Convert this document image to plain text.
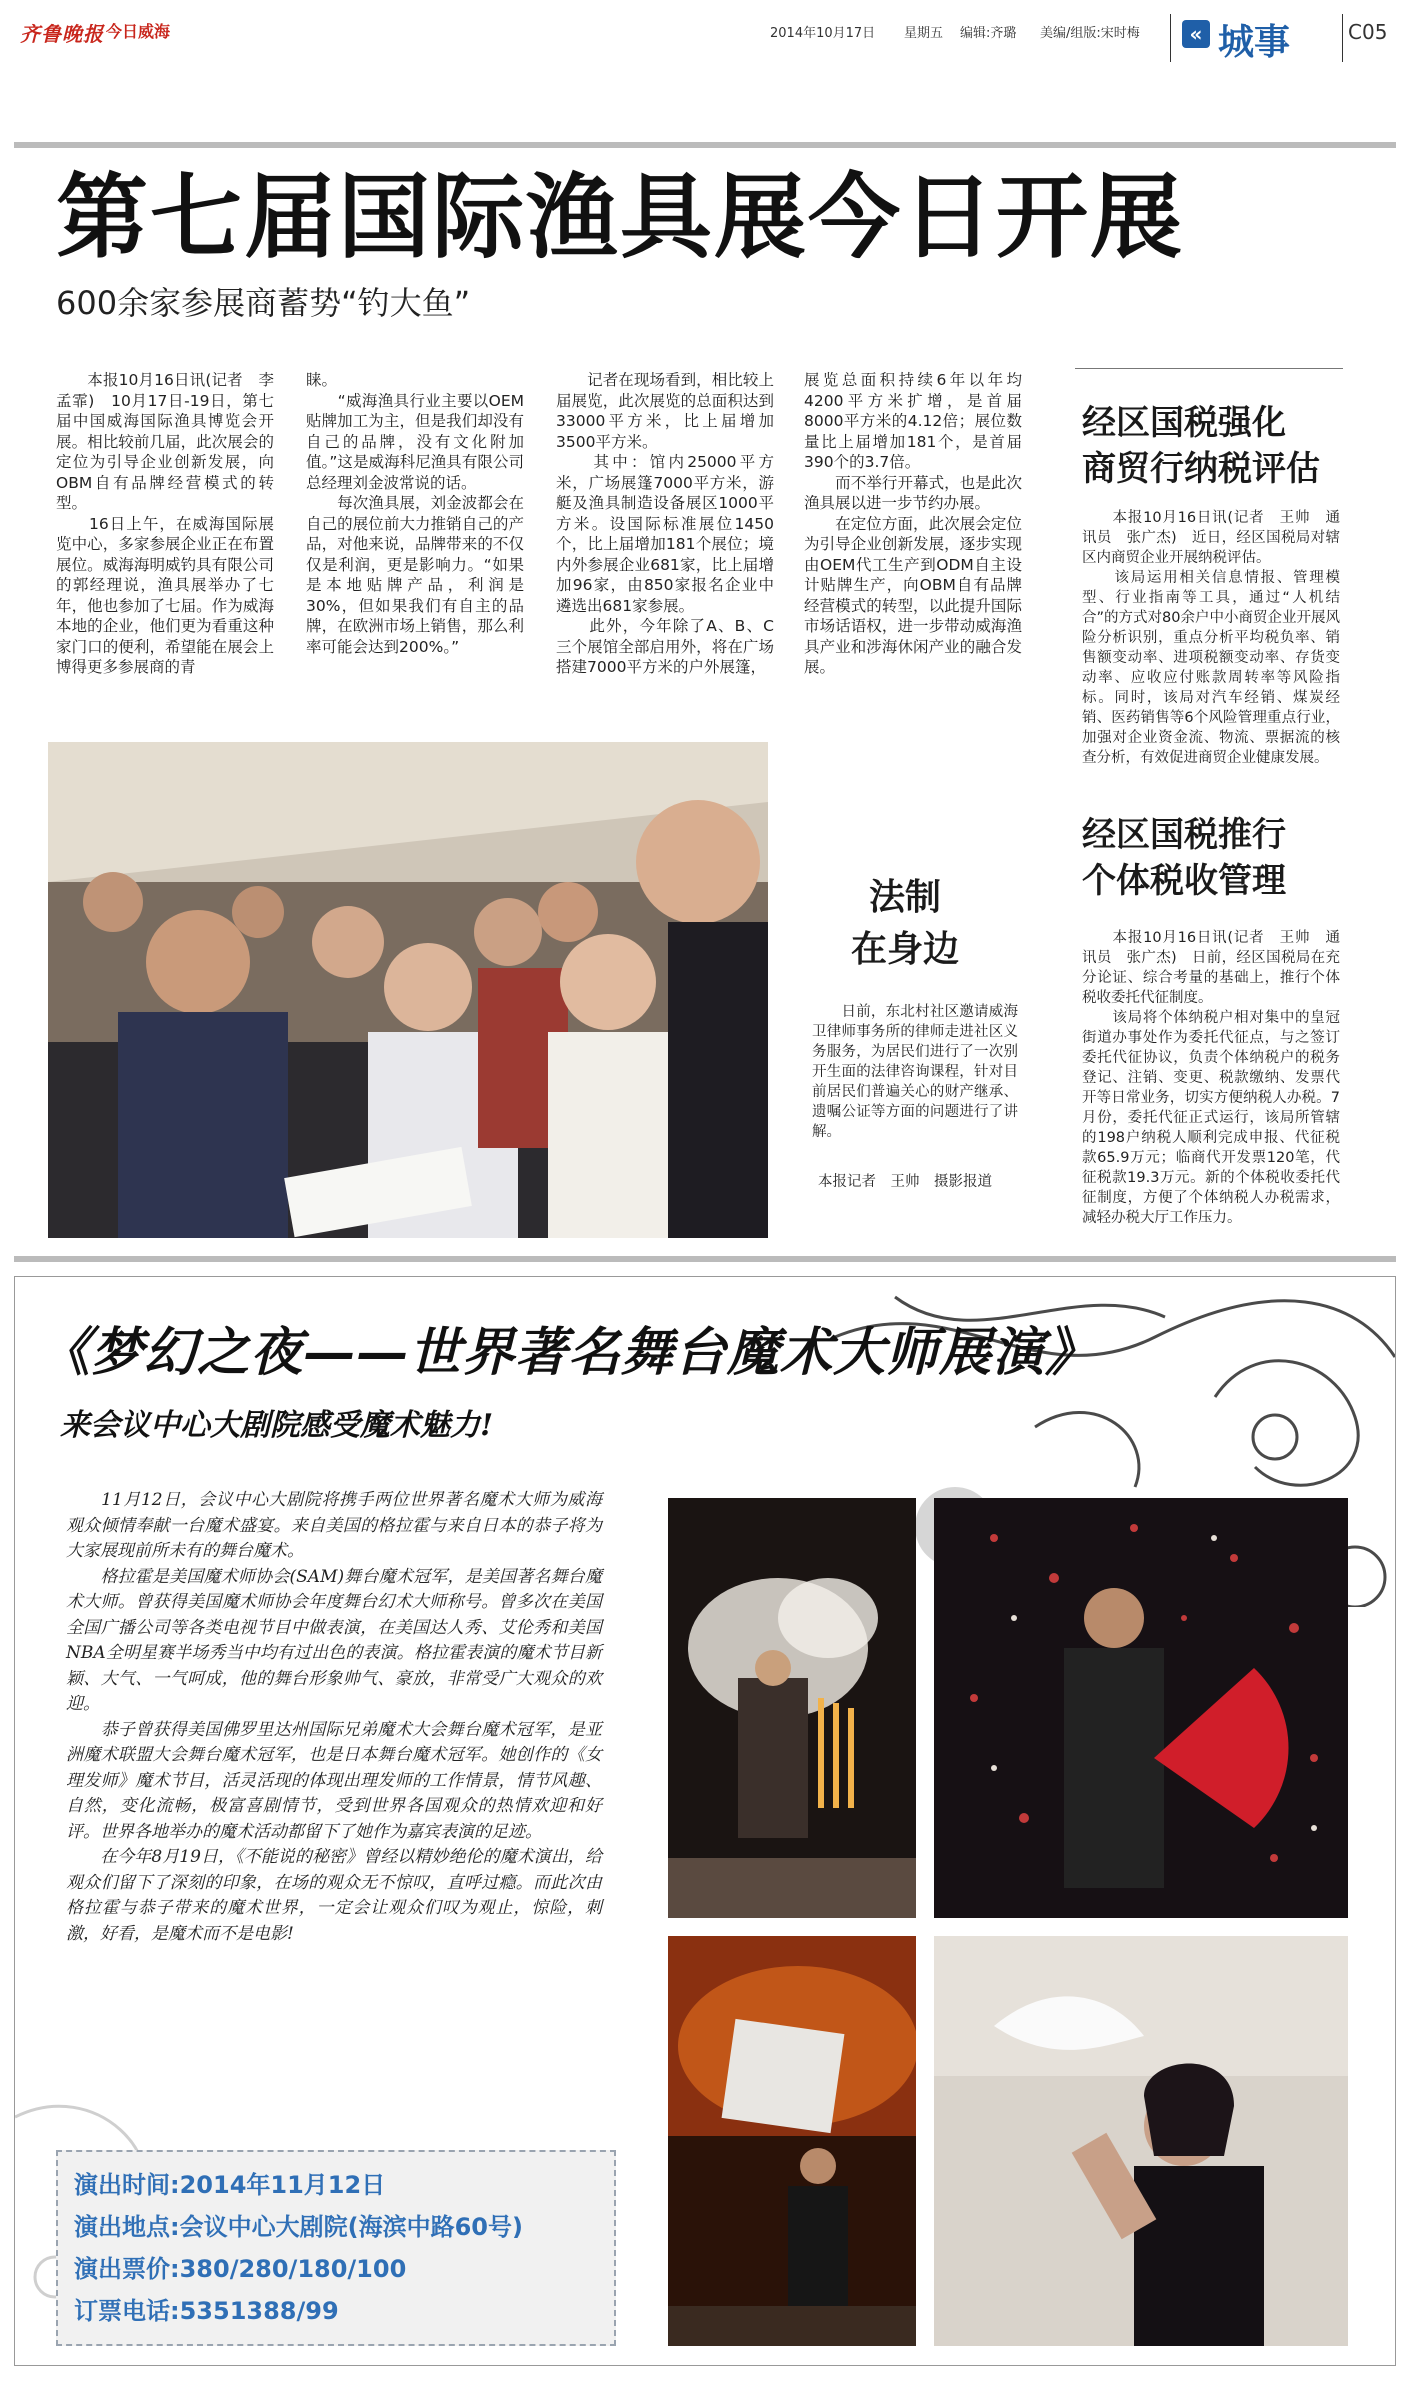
齐鲁晚报 今日威海	2014年10月17日 星期五 编辑:齐璐 美编/组版:宋时梅	« 城事	C05
第七届国际渔具展今日开展
600余家参展商蓄势“钓大鱼”
　　本报10月16日讯(记者　李孟霏)　10月17日-19日，第七届中国威海国际渔具博览会开展。相比较前几届，此次展会的定位为引导企业创新发展，向OBM自有品牌经营模式的转型。
　　16日上午，在威海国际展览中心，多家参展企业正在布置展位。威海海明威钓具有限公司的郭经理说，渔具展举办了七年，他也参加了七届。作为威海本地的企业，他们更为看重这种家门口的便利，希望能在展会上博得更多参展商的青
睐。
　　“威海渔具行业主要以OEM贴牌加工为主，但是我们却没有自己的品牌，没有文化附加值。”这是威海科尼渔具有限公司总经理刘金波常说的话。
　　每次渔具展，刘金波都会在自己的展位前大力推销自己的产品，对他来说，品牌带来的不仅仅是利润，更是影响力。“如果是本地贴牌产品，利润是30%，但如果我们有自主的品牌，在欧洲市场上销售，那么利率可能会达到200%。”
　　记者在现场看到，相比较上届展览，此次展览的总面积达到33000平方米，比上届增加3500平方米。
　　其中：馆内25000平方米，广场展篷7000平方米，游艇及渔具制造设备展区1000平方米。设国际标准展位1450个，比上届增加181个展位；境内外参展企业681家，比上届增加96家，由850家报名企业中遴选出681家参展。
　　此外，今年除了A、B、C三个展馆全部启用外，将在广场搭建7000平方米的户外展篷，
展览总面积持续6年以年均4200平方米扩增，是首届8000平方米的4.12倍；展位数量比上届增加181个，是首届390个的3.7倍。
　　而不举行开幕式，也是此次渔具展以进一步节约办展。
　　在定位方面，此次展会定位为引导企业创新发展，逐步实现由OEM代工生产到ODM自主设计贴牌生产，向OBM自有品牌经营模式的转型，以此提升国际市场话语权，进一步带动威海渔具产业和涉海休闲产业的融合发展。
经区国税强化
商贸行纳税评估
　　本报10月16日讯(记者　王帅　通讯员　张广杰)　近日，经区国税局对辖区内商贸企业开展纳税评估。
　　该局运用相关信息情报、管理模型、行业指南等工具，通过“人机结合”的方式对80余户中小商贸企业开展风险分析识别，重点分析平均税负率、销售额变动率、进项税额变动率、存货变动率、应收应付账款周转率等风险指标。同时，该局对汽车经销、煤炭经销、医药销售等6个风险管理重点行业，加强对企业资金流、物流、票据流的核查分析，有效促进商贸企业健康发展。
经区国税推行
个体税收管理
　　本报10月16日讯(记者　王帅　通讯员　张广杰)　日前，经区国税局在充分论证、综合考量的基础上，推行个体税收委托代征制度。
　　该局将个体纳税户相对集中的皇冠街道办事处作为委托代征点，与之签订委托代征协议，负责个体纳税户的税务登记、注销、变更、税款缴纳、发票代开等日常业务，切实方便纳税人办税。7月份，委托代征正式运行，该局所管辖的198户纳税人顺利完成申报、代征税款65.9万元；临商代开发票120笔，代征税款19.3万元。新的个体税收委托代征制度，方便了个体纳税人办税需求，减轻办税大厅工作压力。
法制
在身边
　　日前，东北村社区邀请威海卫律师事务所的律师走进社区义务服务，为居民们进行了一次别开生面的法律咨询课程，针对目前居民们普遍关心的财产继承、遗嘱公证等方面的问题进行了讲解。
本报记者　王帅　摄影报道
《梦幻之夜——世界著名舞台魔术大师展演》
来会议中心大剧院感受魔术魅力!
　　11月12日，会议中心大剧院将携手两位世界著名魔术大师为威海观众倾情奉献一台魔术盛宴。来自美国的格拉霍与来自日本的恭子将为大家展现前所未有的舞台魔术。
　　格拉霍是美国魔术师协会(SAM)舞台魔术冠军，是美国著名舞台魔术大师。曾获得美国魔术师协会年度舞台幻术大师称号。曾多次在美国全国广播公司等各类电视节目中做表演，在美国达人秀、艾伦秀和美国NBA全明星赛半场秀当中均有过出色的表演。格拉霍表演的魔术节目新颖、大气、一气呵成，他的舞台形象帅气、豪放，非常受广大观众的欢迎。
　　恭子曾获得美国佛罗里达州国际兄弟魔术大会舞台魔术冠军，是亚洲魔术联盟大会舞台魔术冠军，也是日本舞台魔术冠军。她创作的《女理发师》魔术节目，活灵活现的体现出理发师的工作情景，情节风趣、自然，变化流畅，极富喜剧情节，受到世界各国观众的热情欢迎和好评。世界各地举办的魔术活动都留下了她作为嘉宾表演的足迹。
　　在今年8月19日，《不能说的秘密》曾经以精妙绝伦的魔术演出，给观众们留下了深刻的印象，在场的观众无不惊叹，直呼过瘾。而此次由格拉霍与恭子带来的魔术世界，一定会让观众们叹为观止，惊险，刺激，好看，是魔术而不是电影!
演出时间:2014年11月12日
演出地点:会议中心大剧院(海滨中路60号)
演出票价:380/280/180/100
订票电话:5351388/99
